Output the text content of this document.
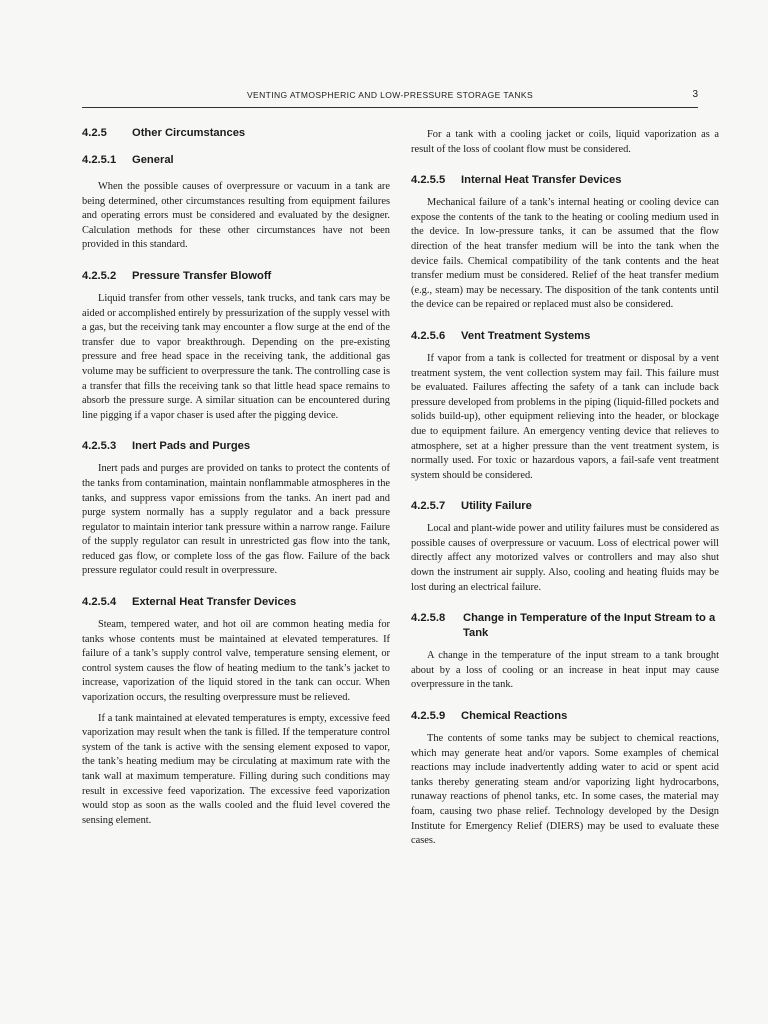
VENTING ATMOSPHERIC AND LOW-PRESSURE STORAGE TANKS	3
4.2.5 Other Circumstances
4.2.5.1 General

When the possible causes of overpressure or vacuum in a tank are being determined, other circumstances resulting from equipment failures and operating errors must be considered and evaluated by the designer. Calculation methods for these other circumstances have not been provided in this standard.

4.2.5.2 Pressure Transfer Blowoff

Liquid transfer from other vessels, tank trucks, and tank cars may be aided or accomplished entirely by pressurization of the supply vessel with a gas, but the receiving tank may encounter a flow surge at the end of the transfer due to vapor breakthrough. Depending on the pre-existing pressure and free head space in the receiving tank, the additional gas volume may be sufficient to overpressure the tank. The controlling case is a transfer that fills the receiving tank so that little head space remains to absorb the pressure surge. A similar situation can be encountered during line pigging if a vapor chaser is used after the pigging device.

4.2.5.3 Inert Pads and Purges

Inert pads and purges are provided on tanks to protect the contents of the tanks from contamination, maintain nonflammable atmospheres in the tanks, and suppress vapor emissions from the tanks. An inert pad and purge system normally has a supply regulator and a back pressure regulator to maintain interior tank pressure within a narrow range. Failure of the supply regulator can result in unrestricted gas flow into the tank, reduced gas flow, or complete loss of the gas flow. Failure of the back pressure regulator could result in overpressure.

4.2.5.4 External Heat Transfer Devices

Steam, tempered water, and hot oil are common heating media for tanks whose contents must be maintained at elevated temperatures. If failure of a tank’s supply control valve, temperature sensing element, or control system causes the flow of heating medium to the tank’s jacket to increase, vaporization of the liquid stored in the tank can occur. When vaporization occurs, the resulting overpressure must be relieved.

If a tank maintained at elevated temperatures is empty, excessive feed vaporization may result when the tank is filled. If the temperature control system of the tank is active with the sensing element exposed to vapor, the tank’s heating medium may be circulating at maximum rate with the tank wall at maximum temperature. Filling during such conditions may result in excessive feed vaporization. The excessive feed vaporization would stop as soon as the walls cooled and the fluid level covered the sensing element.

For a tank with a cooling jacket or coils, liquid vaporization as a result of the loss of coolant flow must be considered.

4.2.5.5 Internal Heat Transfer Devices

Mechanical failure of a tank’s internal heating or cooling device can expose the contents of the tank to the heating or cooling medium used in the device. In low-pressure tanks, it can be assumed that the flow direction of the heat transfer medium will be into the tank when the device fails. Chemical compatibility of the tank contents and the heat transfer medium must be considered. Relief of the heat transfer medium (e.g., steam) may be necessary. The disposition of the tank contents until the device can be repaired or replaced must also be considered.

4.2.5.6 Vent Treatment Systems

If vapor from a tank is collected for treatment or disposal by a vent treatment system, the vent collection system may fail. This failure must be evaluated. Failures affecting the safety of a tank can include back pressure developed from problems in the piping (liquid-filled pockets and solids build-up), other equipment relieving into the header, or blockage due to equipment failure. An emergency venting device that relieves to atmosphere, set at a higher pressure than the vent treatment system, is normally used. For toxic or hazardous vapors, a fail-safe vent treatment system should be considered.

4.2.5.7 Utility Failure

Local and plant-wide power and utility failures must be considered as possible causes of overpressure or vacuum. Loss of electrical power will directly affect any motorized valves or controllers and may also shut down the instrument air supply. Also, cooling and heating fluids may be lost during an electrical failure.

4.2.5.8 Change in Temperature of the Input Stream to a Tank

A change in the temperature of the input stream to a tank brought about by a loss of cooling or an increase in heat input may cause overpressure in the tank.

4.2.5.9 Chemical Reactions

The contents of some tanks may be subject to chemical reactions, which may generate heat and/or vapors. Some examples of chemical reactions may include inadvertently adding water to acid or spent acid tanks thereby generating steam and/or vaporizing light hydrocarbons, runaway reactions of phenol tanks, etc. In some cases, the material may foam, causing two phase relief. Technology developed by the Design Institute for Emergency Relief (DIERS) may be used to evaluate these cases.
